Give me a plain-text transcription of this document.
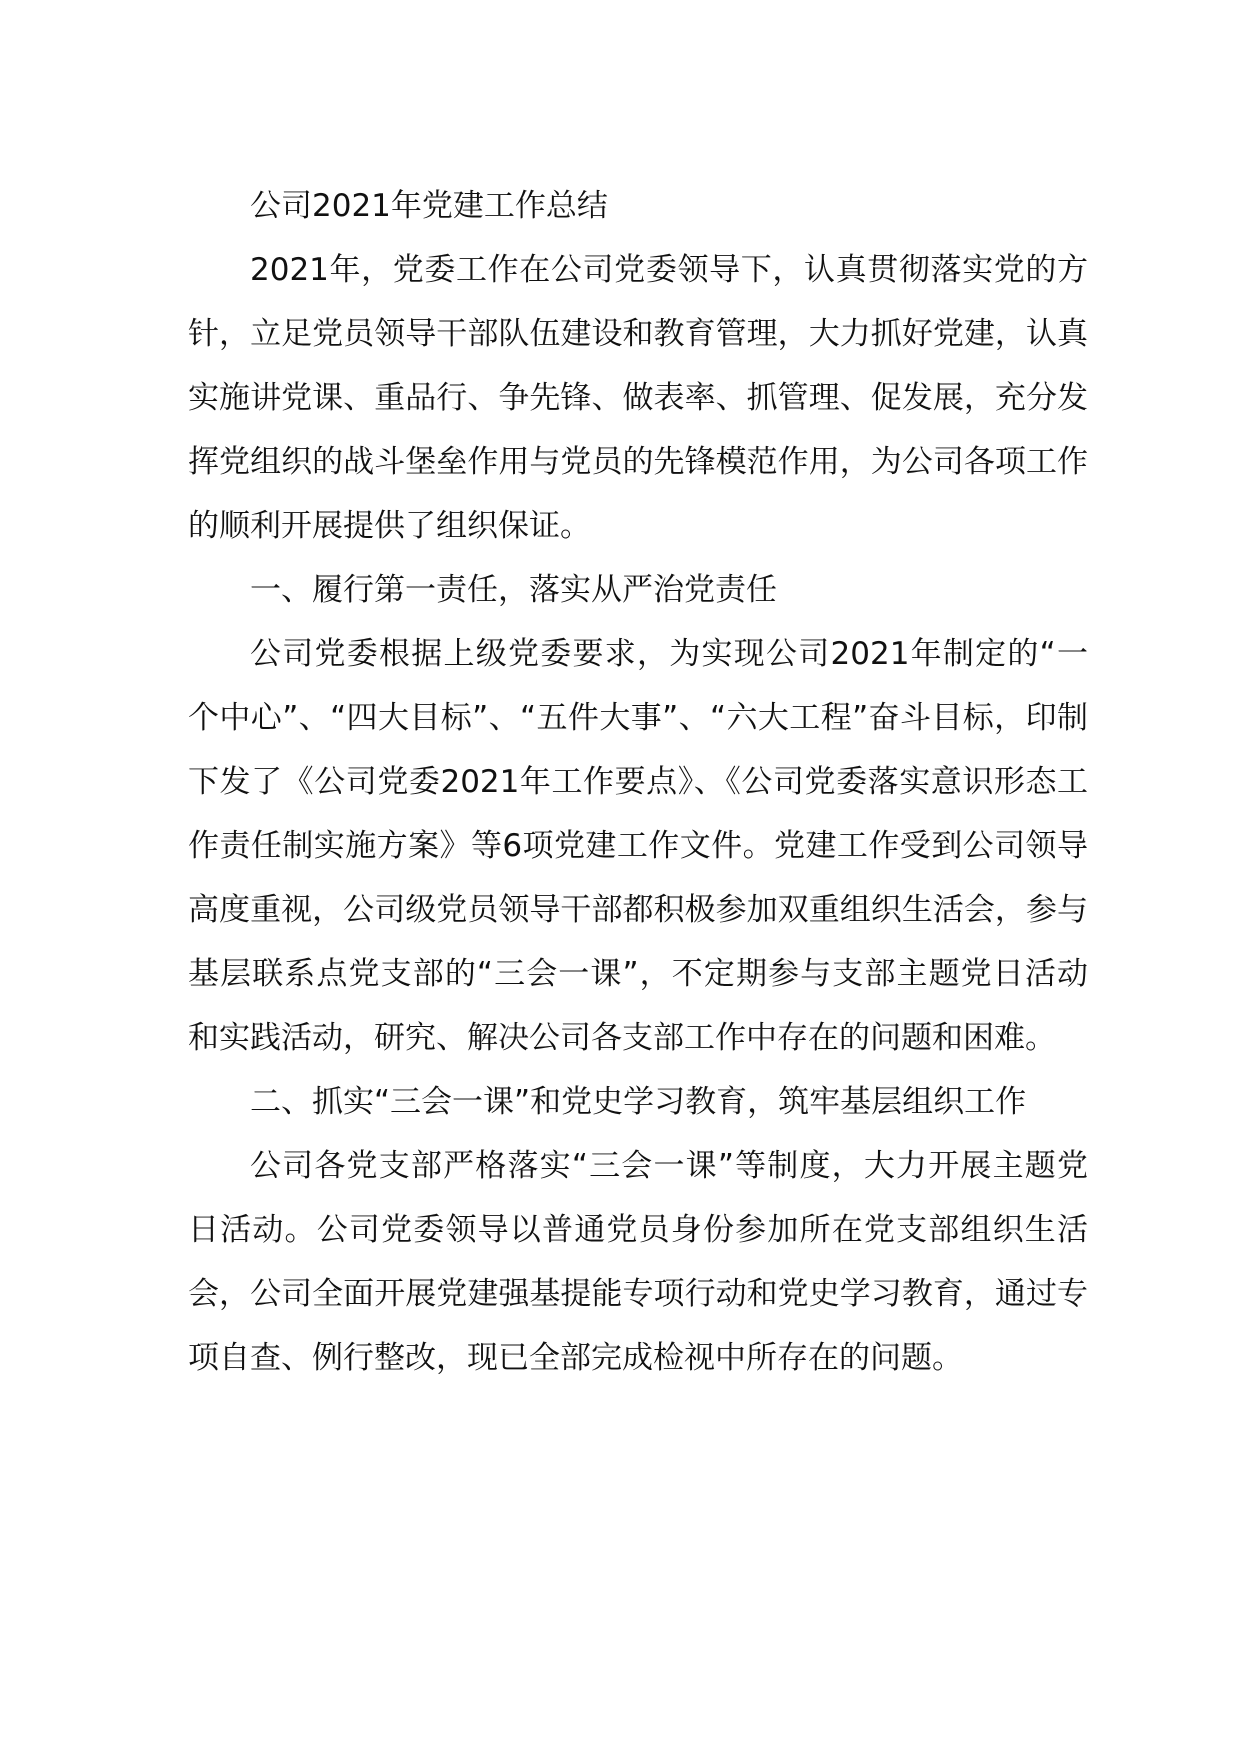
公司2021年党建工作总结

2021年，党委工作在公司党委领导下，认真贯彻落实党的方针，立足党员领导干部队伍建设和教育管理，大力抓好党建，认真实施讲党课、重品行、争先锋、做表率、抓管理、促发展，充分发挥党组织的战斗堡垒作用与党员的先锋模范作用，为公司各项工作的顺利开展提供了组织保证。

一、履行第一责任，落实从严治党责任

公司党委根据上级党委要求，为实现公司2021年制定的“一个中心”、“四大目标”、“五件大事”、“六大工程”奋斗目标，印制下发了《公司党委2021年工作要点》、《公司党委落实意识形态工作责任制实施方案》等6项党建工作文件。党建工作受到公司领导高度重视，公司级党员领导干部都积极参加双重组织生活会，参与基层联系点党支部的“三会一课”，不定期参与支部主题党日活动和实践活动，研究、解决公司各支部工作中存在的问题和困难。

二、抓实“三会一课”和党史学习教育，筑牢基层组织工作

公司各党支部严格落实“三会一课”等制度，大力开展主题党日活动。公司党委领导以普通党员身份参加所在党支部组织生活会，公司全面开展党建强基提能专项行动和党史学习教育，通过专项自查、例行整改，现已全部完成检视中所存在的问题。
